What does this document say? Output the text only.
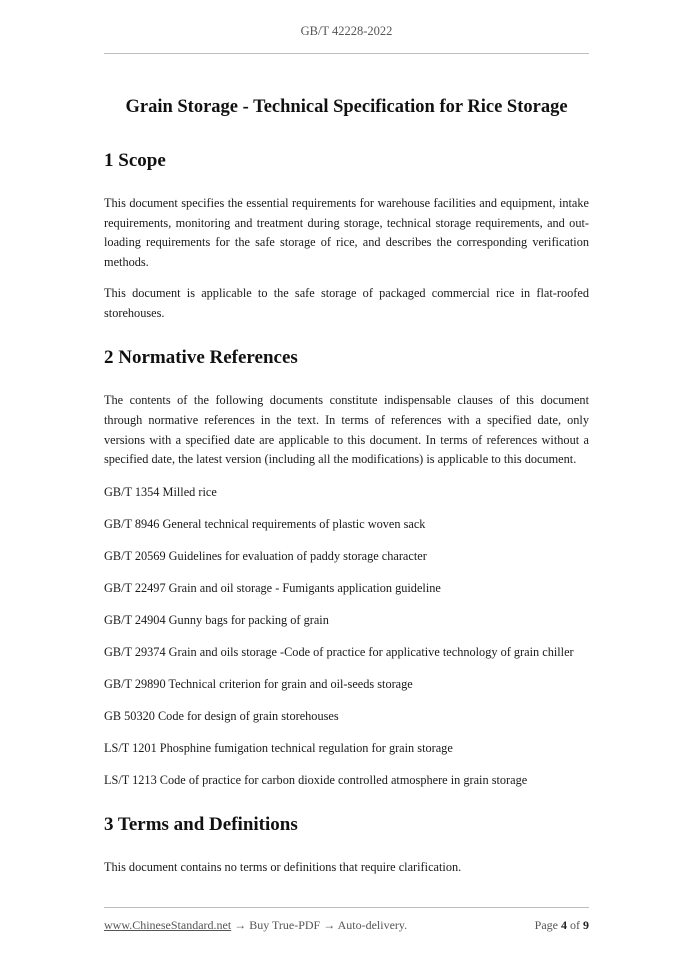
GB/T 42228-2022
Grain Storage - Technical Specification for Rice Storage
1 Scope

This document specifies the essential requirements for warehouse facilities and equipment, intake requirements, monitoring and treatment during storage, technical storage requirements, and out-loading requirements for the safe storage of rice, and describes the corresponding verification methods.

This document is applicable to the safe storage of packaged commercial rice in flat-roofed storehouses.

2 Normative References

The contents of the following documents constitute indispensable clauses of this document through normative references in the text. In terms of references with a specified date, only versions with a specified date are applicable to this document. In terms of references without a specified date, the latest version (including all the modifications) is applicable to this document.

GB/T 1354 Milled rice

GB/T 8946 General technical requirements of plastic woven sack

GB/T 20569 Guidelines for evaluation of paddy storage character

GB/T 22497 Grain and oil storage - Fumigants application guideline

GB/T 24904 Gunny bags for packing of grain

GB/T 29374 Grain and oils storage -Code of practice for applicative technology of grain chiller

GB/T 29890 Technical criterion for grain and oil-seeds storage

GB 50320 Code for design of grain storehouses

LS/T 1201 Phosphine fumigation technical regulation for grain storage

LS/T 1213 Code of practice for carbon dioxide controlled atmosphere in grain storage

3 Terms and Definitions

This document contains no terms or definitions that require clarification.

www.ChineseStandard.net → Buy True-PDF → Auto-delivery.	Page 4 of 9
